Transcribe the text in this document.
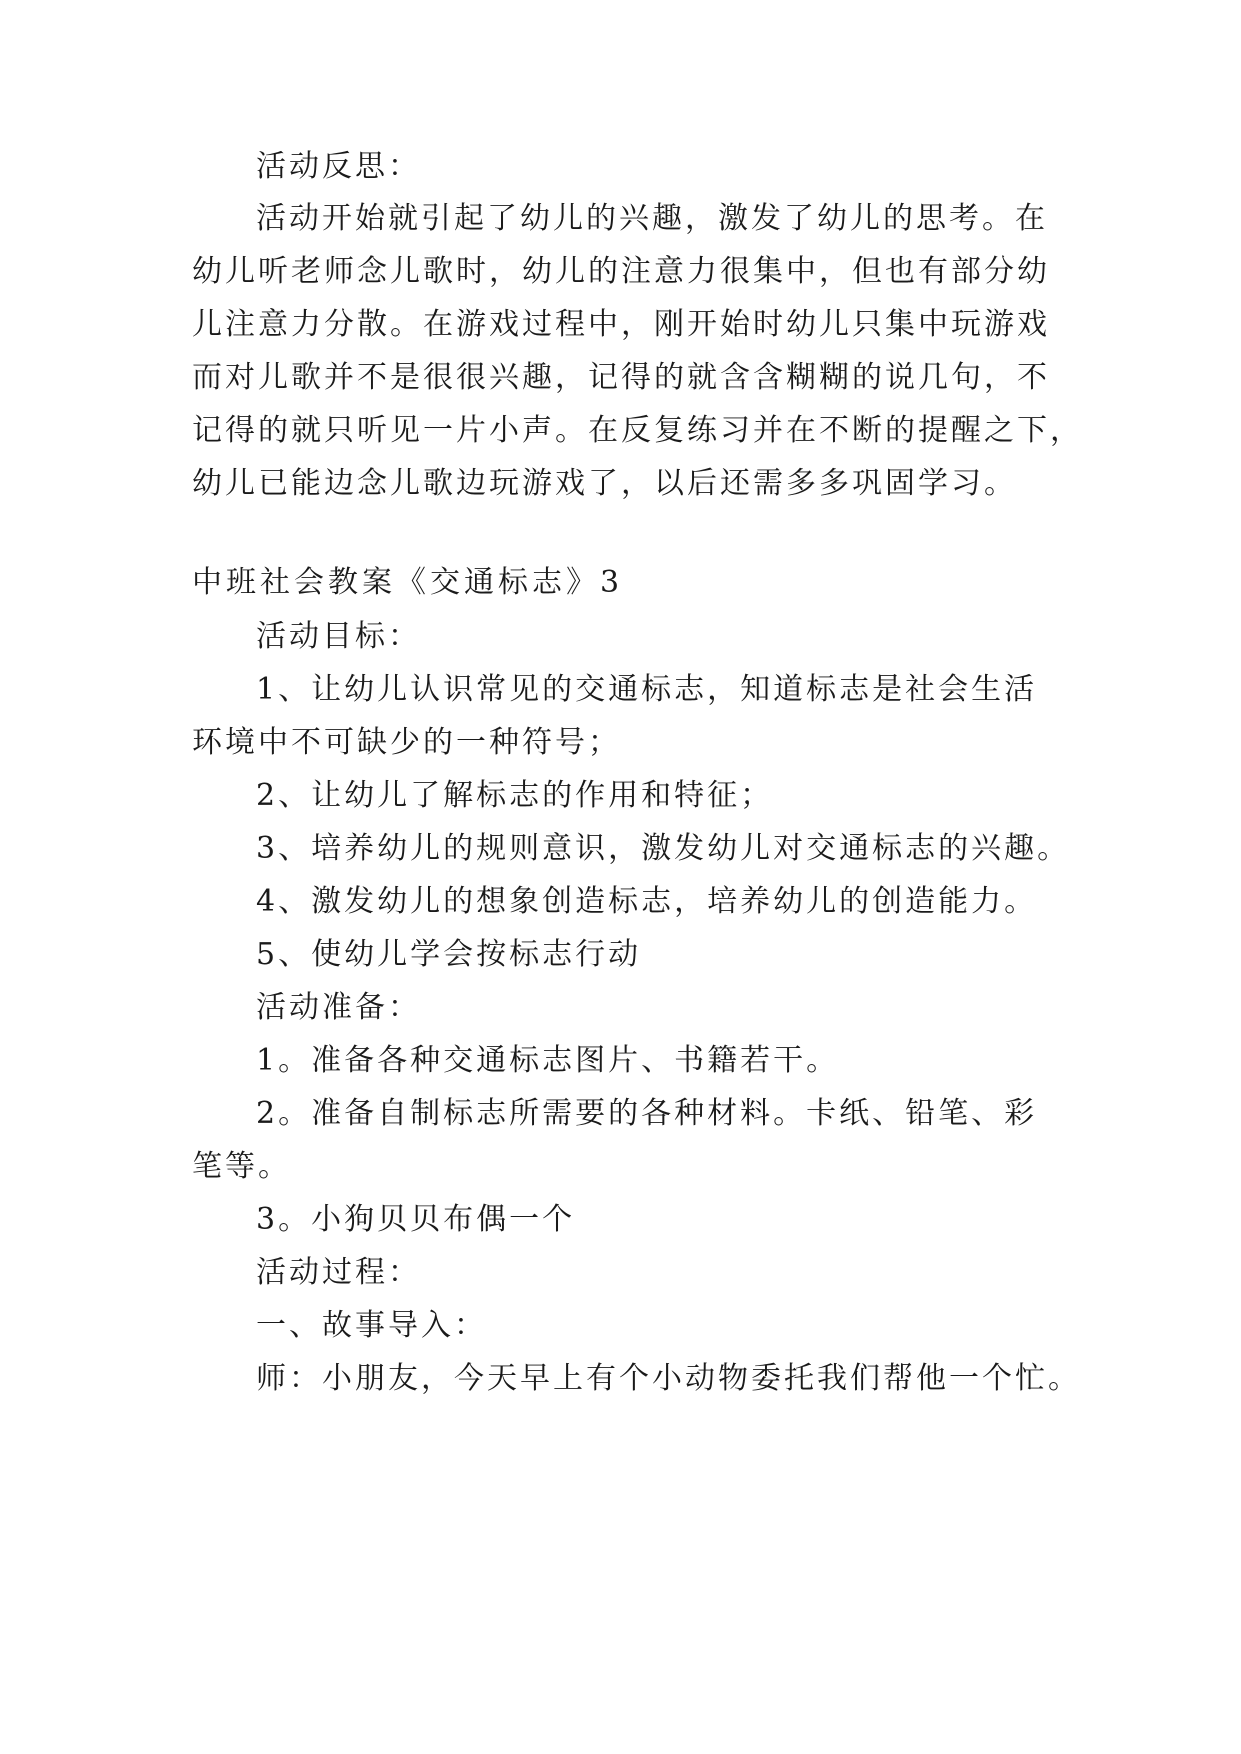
活动反思：
活动开始就引起了幼儿的兴趣，激发了幼儿的思考。在
幼儿听老师念儿歌时，幼儿的注意力很集中，但也有部分幼
儿注意力分散。在游戏过程中，刚开始时幼儿只集中玩游戏
而对儿歌并不是很很兴趣，记得的就含含糊糊的说几句，不
记得的就只听见一片小声。在反复练习并在不断的提醒之下，
幼儿已能边念儿歌边玩游戏了，以后还需多多巩固学习。
中班社会教案《交通标志》3
活动目标：
1、让幼儿认识常见的交通标志，知道标志是社会生活
环境中不可缺少的一种符号；
2、让幼儿了解标志的作用和特征；
3、培养幼儿的规则意识，激发幼儿对交通标志的兴趣。
4、激发幼儿的想象创造标志，培养幼儿的创造能力。
5、使幼儿学会按标志行动
活动准备：
1。准备各种交通标志图片、书籍若干。
2。准备自制标志所需要的各种材料。卡纸、铅笔、彩
笔等。
3。小狗贝贝布偶一个
活动过程：
一、故事导入：
师：小朋友，今天早上有个小动物委托我们帮他一个忙。
